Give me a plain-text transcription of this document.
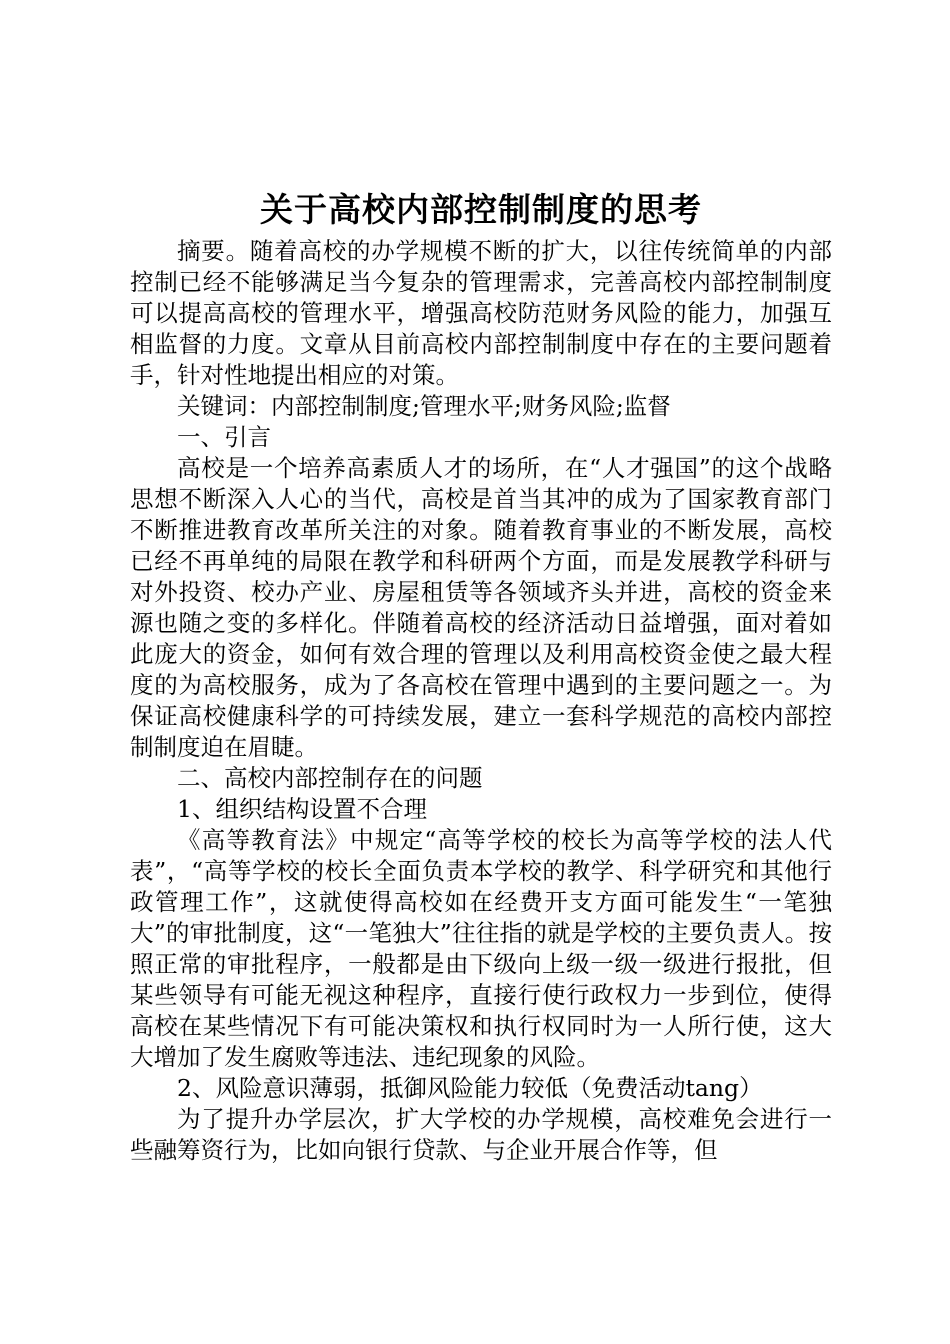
关于高校内部控制制度的思考

摘要。随着高校的办学规模不断的扩大，以往传统简单的内部控制已经不能够满足当今复杂的管理需求，完善高校内部控制制度可以提高高校的管理水平，增强高校防范财务风险的能力，加强互相监督的力度。文章从目前高校内部控制制度中存在的主要问题着手，针对性地提出相应的对策。

关键词：内部控制制度;管理水平;财务风险;监督

一、引言

高校是一个培养高素质人才的场所，在“人才强国”的这个战略思想不断深入人心的当代，高校是首当其冲的成为了国家教育部门不断推进教育改革所关注的对象。随着教育事业的不断发展，高校已经不再单纯的局限在教学和科研两个方面，而是发展教学科研与对外投资、校办产业、房屋租赁等各领域齐头并进，高校的资金来源也随之变的多样化。伴随着高校的经济活动日益增强，面对着如此庞大的资金，如何有效合理的管理以及利用高校资金使之最大程度的为高校服务，成为了各高校在管理中遇到的主要问题之一。为保证高校健康科学的可持续发展，建立一套科学规范的高校内部控制制度迫在眉睫。

二、高校内部控制存在的问题

1、组织结构设置不合理

《高等教育法》中规定“高等学校的校长为高等学校的法人代表”，“高等学校的校长全面负责本学校的教学、科学研究和其他行政管理工作”，这就使得高校如在经费开支方面可能发生“一笔独大”的审批制度，这“一笔独大”往往指的就是学校的主要负责人。按照正常的审批程序，一般都是由下级向上级一级一级进行报批，但某些领导有可能无视这种程序，直接行使行政权力一步到位，使得高校在某些情况下有可能决策权和执行权同时为一人所行使，这大大增加了发生腐败等违法、违纪现象的风险。

2、风险意识薄弱，抵御风险能力较低（免费活动tang）

为了提升办学层次，扩大学校的办学规模，高校难免会进行一些融筹资行为，比如向银行贷款、与企业开展合作等，但
